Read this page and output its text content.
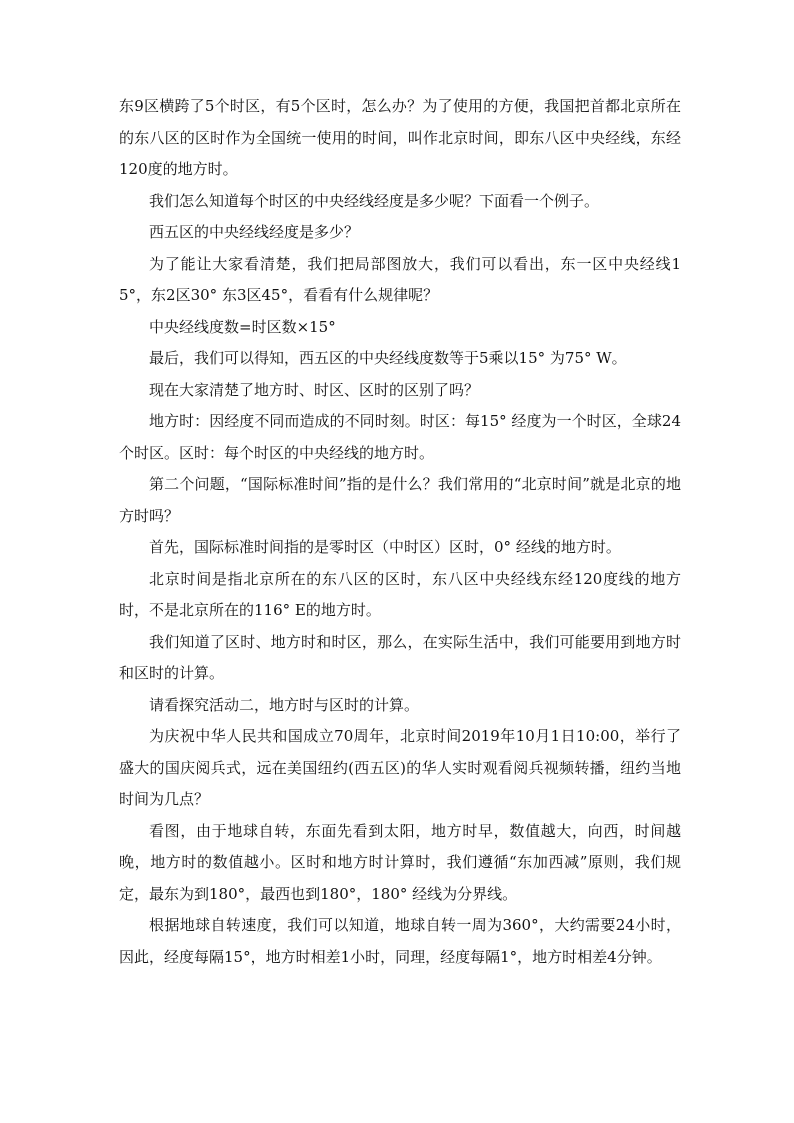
东9区横跨了5个时区，有5个区时，怎么办？为了使用的方便，我国把首都北京所在的东八区的区时作为全国统一使用的时间，叫作北京时间，即东八区中央经线，东经120度的地方时。

我们怎么知道每个时区的中央经线经度是多少呢？下面看一个例子。

西五区的中央经线经度是多少？

为了能让大家看清楚，我们把局部图放大，我们可以看出，东一区中央经线15°，东2区30° 东3区45°，看看有什么规律呢？

中央经线度数=时区数×15°

最后，我们可以得知，西五区的中央经线度数等于5乘以15° 为75° W。

现在大家清楚了地方时、时区、区时的区别了吗？

地方时：因经度不同而造成的不同时刻。时区：每15° 经度为一个时区，全球24个时区。区时：每个时区的中央经线的地方时。

第二个问题，“国际标准时间”指的是什么？我们常用的“北京时间”就是北京的地方时吗？

首先，国际标准时间指的是零时区（中时区）区时，0° 经线的地方时。

北京时间是指北京所在的东八区的区时，东八区中央经线东经120度线的地方时，不是北京所在的116° E的地方时。

我们知道了区时、地方时和时区，那么，在实际生活中，我们可能要用到地方时和区时的计算。

请看探究活动二，地方时与区时的计算。

为庆祝中华人民共和国成立70周年，北京时间2019年10月1日10:00，举行了盛大的国庆阅兵式，远在美国纽约(西五区)的华人实时观看阅兵视频转播，纽约当地时间为几点？

看图，由于地球自转，东面先看到太阳，地方时早，数值越大，向西，时间越晚，地方时的数值越小。区时和地方时计算时，我们遵循“东加西减”原则，我们规定，最东为到180°，最西也到180°，180° 经线为分界线。

根据地球自转速度，我们可以知道，地球自转一周为360°，大约需要24小时，因此，经度每隔15°，地方时相差1小时，同理，经度每隔1°，地方时相差4分钟。
